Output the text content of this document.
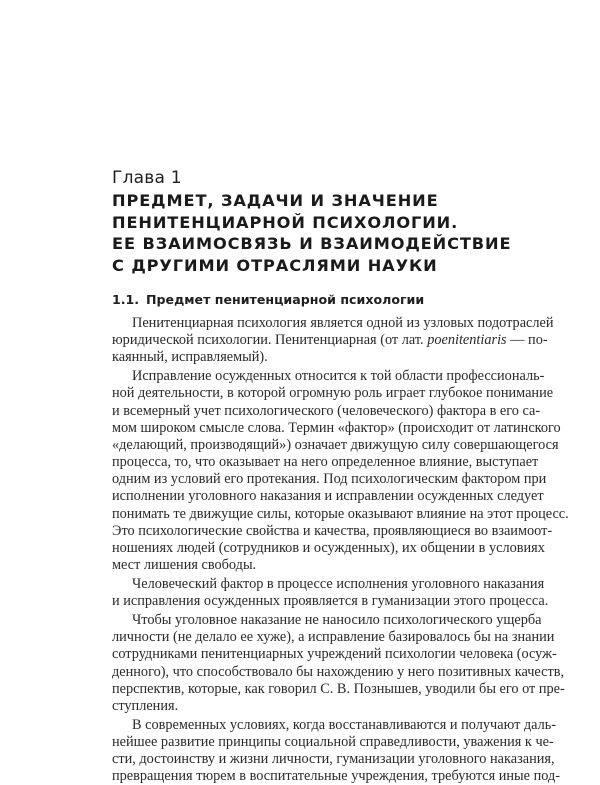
Глава 1
ПРЕДМЕТ, ЗАДАЧИ И ЗНАЧЕНИЕ
ПЕНИТЕНЦИАРНОЙ ПСИХОЛОГИИ.
ЕЕ ВЗАИМОСВЯЗЬ И ВЗАИМОДЕЙСТВИЕ
С ДРУГИМИ ОТРАСЛЯМИ НАУКИ
1.1. Предмет пенитенциарной психологии
Пенитенциарная психология является одной из узловых подотраслей
юридической психологии. Пенитенциарная (от лат. poenitentiaris — по-
каянный, исправляемый).
Исправление осужденных относится к той области профессиональ-
ной деятельности, в которой огромную роль играет глубокое понимание
и всемерный учет психологического (человеческого) фактора в его са-
мом широком смысле слова. Термин «фактор» (происходит от латинского
«делающий, производящий») означает движущую силу совершающегося
процесса, то, что оказывает на него определенное влияние, выступает
одним из условий его протекания. Под психологическим фактором при
исполнении уголовного наказания и исправлении осужденных следует
понимать те движущие силы, которые оказывают влияние на этот процесс.
Это психологические свойства и качества, проявляющиеся во взаимоот-
ношениях людей (сотрудников и осужденных), их общении в условиях
мест лишения свободы.
Человеческий фактор в процессе исполнения уголовного наказания
и исправления осужденных проявляется в гуманизации этого процесса.
Чтобы уголовное наказание не наносило психологического ущерба
личности (не делало ее хуже), а исправление базировалось бы на знании
сотрудниками пенитенциарных учреждений психологии человека (осуж-
денного), что способствовало бы нахождению у него позитивных качеств,
перспектив, которые, как говорил С. В. Познышев, уводили бы его от пре-
ступления.
В современных условиях, когда восстанавливаются и получают даль-
нейшее развитие принципы социальной справедливости, уважения к че-
сти, достоинству и жизни личности, гуманизации уголовного наказания,
превращения тюрем в воспитательные учреждения, требуются иные под-
